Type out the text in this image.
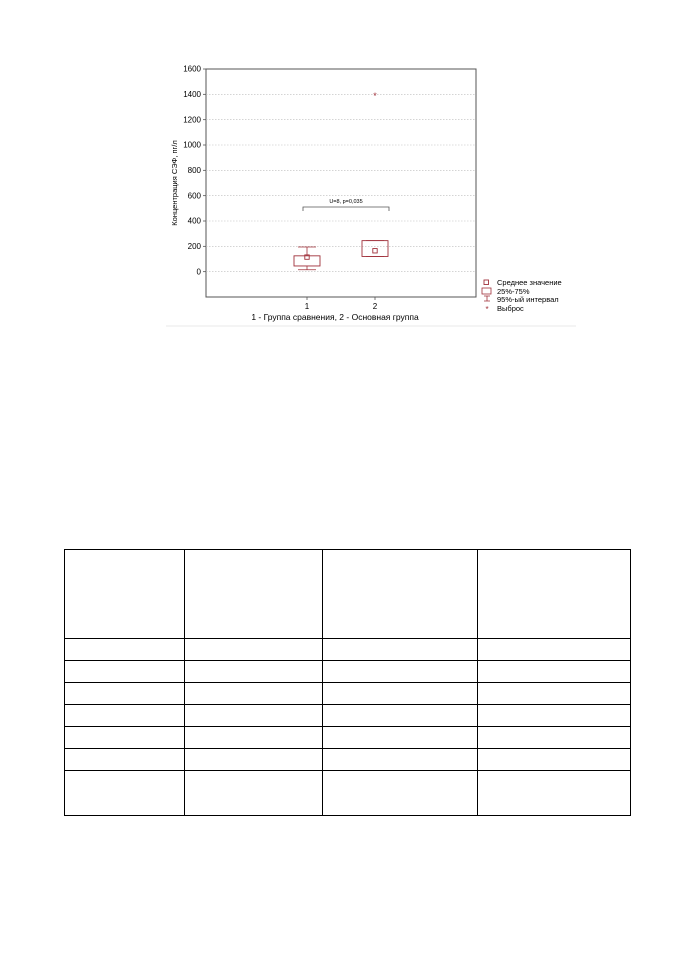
0
200
400
600
800
1000
1200
1400
1600
1	2
Концентрация СЭФ, пг/л
1 - Группа сравнения, 2 - Основная группа
*
U=8, p=0,035
Среднее значение
25%-75%
95%-ый интервал
* Выброс
